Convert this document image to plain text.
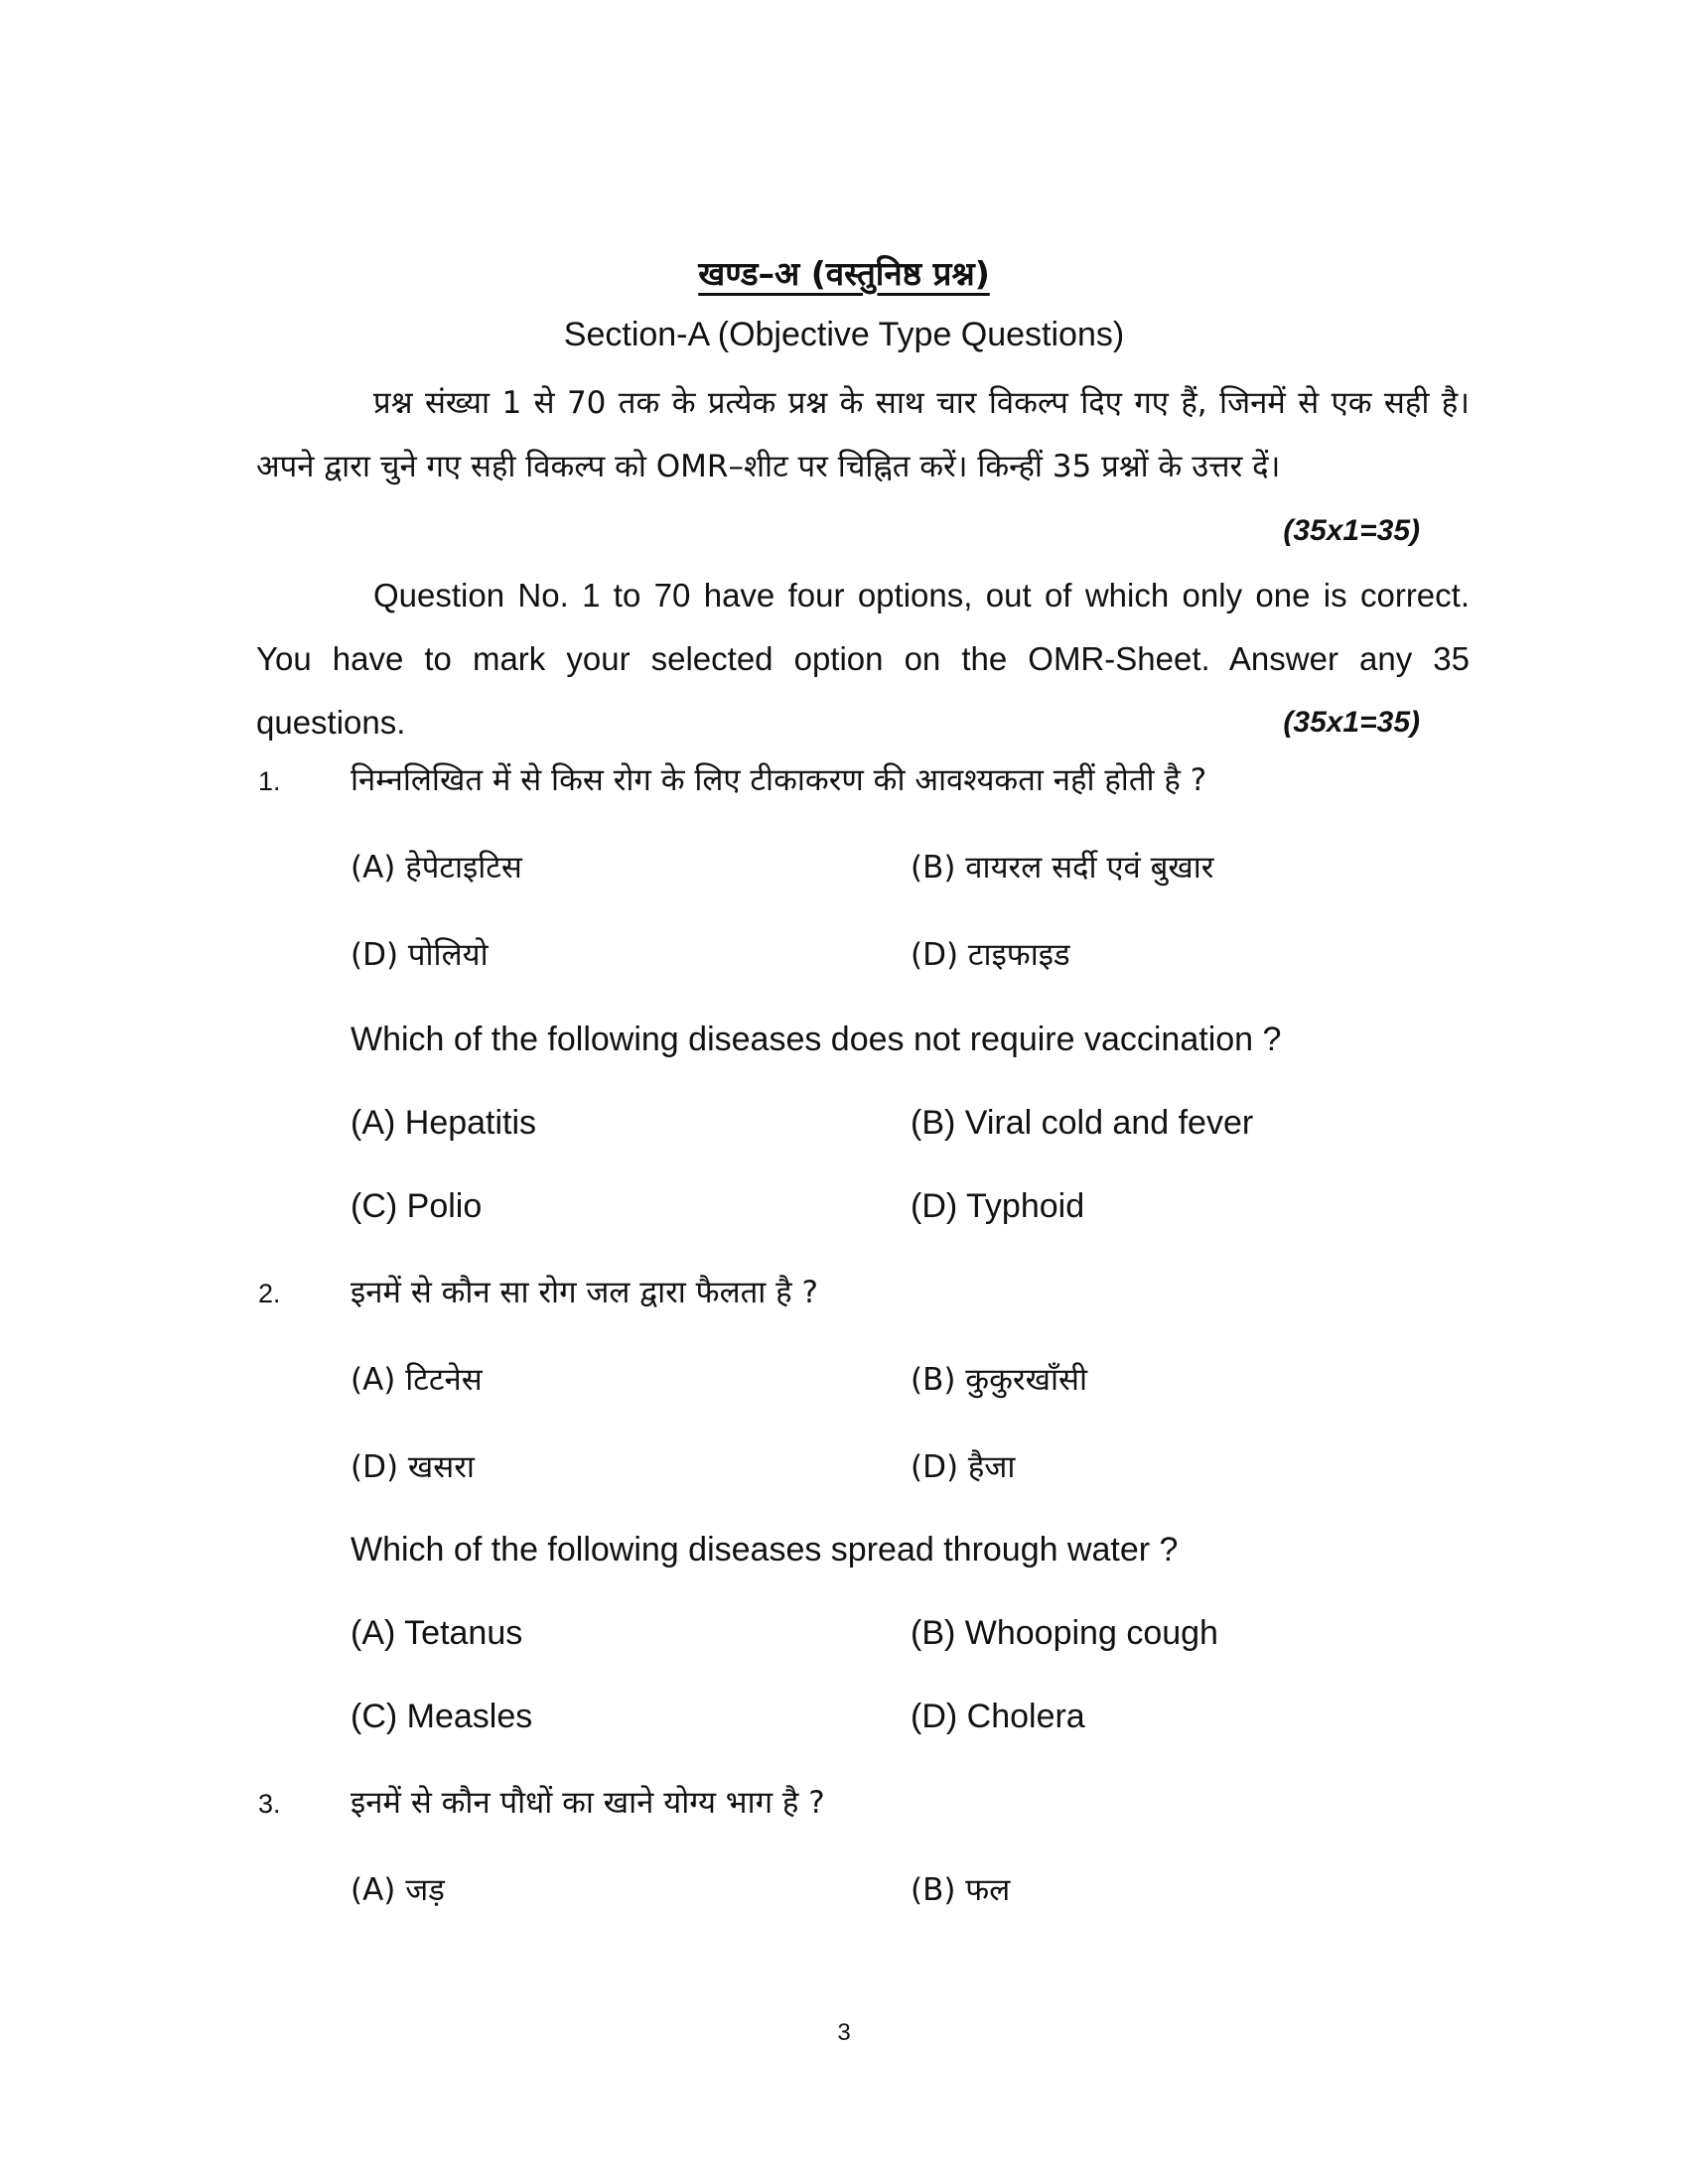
खण्ड–अ (वस्तुनिष्ठ प्रश्न)
Section-A (Objective Type Questions)
प्रश्न संख्या 1 से 70 तक के प्रत्येक प्रश्न के साथ चार विकल्प दिए गए हैं, जिनमें से एक सही है। अपने द्वारा चुने गए सही विकल्प को OMR–शीट पर चिह्नित करें। किन्हीं 35 प्रश्नों के उत्तर दें।
(35x1=35)
Question No. 1 to 70 have four options, out of which only one is correct. You have to mark your selected option on the OMR-Sheet. Answer any 35 questions.	(35x1=35)
1. निम्नलिखित में से किस रोग के लिए टीकाकरण की आवश्यकता नहीं होती है ?
(A) हेपेटाइटिस	(B) वायरल सर्दी एवं बुखार
(D) पोलियो	(D) टाइफाइड
Which of the following diseases does not require vaccination ?
(A) Hepatitis	(B) Viral cold and fever
(C) Polio	(D) Typhoid
2. इनमें से कौन सा रोग जल द्वारा फैलता है ?
(A) टिटनेस	(B) कुकुरखाँसी
(D) खसरा	(D) हैजा
Which of the following diseases spread through water ?
(A) Tetanus	(B) Whooping cough
(C) Measles	(D) Cholera
3. इनमें से कौन पौधों का खाने योग्य भाग है ?
(A) जड़	(B) फल
3
